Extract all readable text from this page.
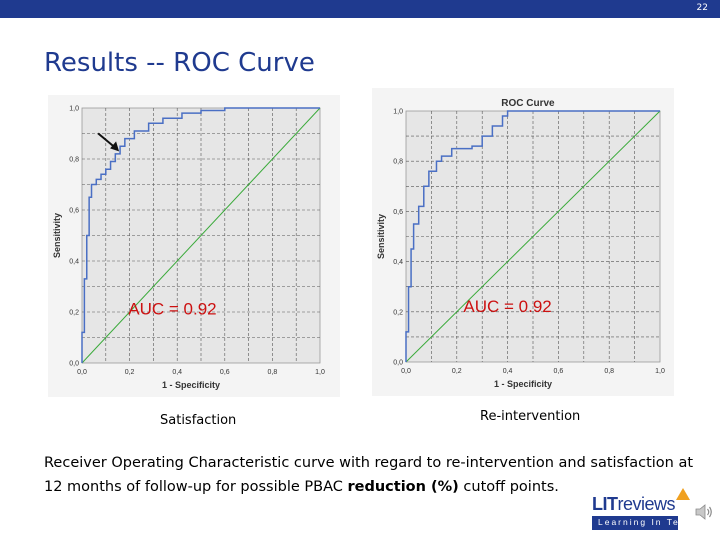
22
Results -- ROC Curve
0,0	0,2	0,4	0,6	0,8	1,0
0,0
0,2
0,4
0,6
0,8
1,0
1 - Specificity
Sensitivity
AUC = 0.92
0,0	0,2	0,4	0,6	0,8	1,0
0,0
0,2
0,4
0,6
0,8
1,0
1 - Specificity
Sensitivity
ROC Curve
AUC = 0.92
Satisfaction	Re-intervention
Receiver Operating Characteristic curve with regard to re-intervention and satisfaction at 12 months of follow-up for possible PBAC reduction (%) cutoff points.
LITreviews
Learning In Ten
